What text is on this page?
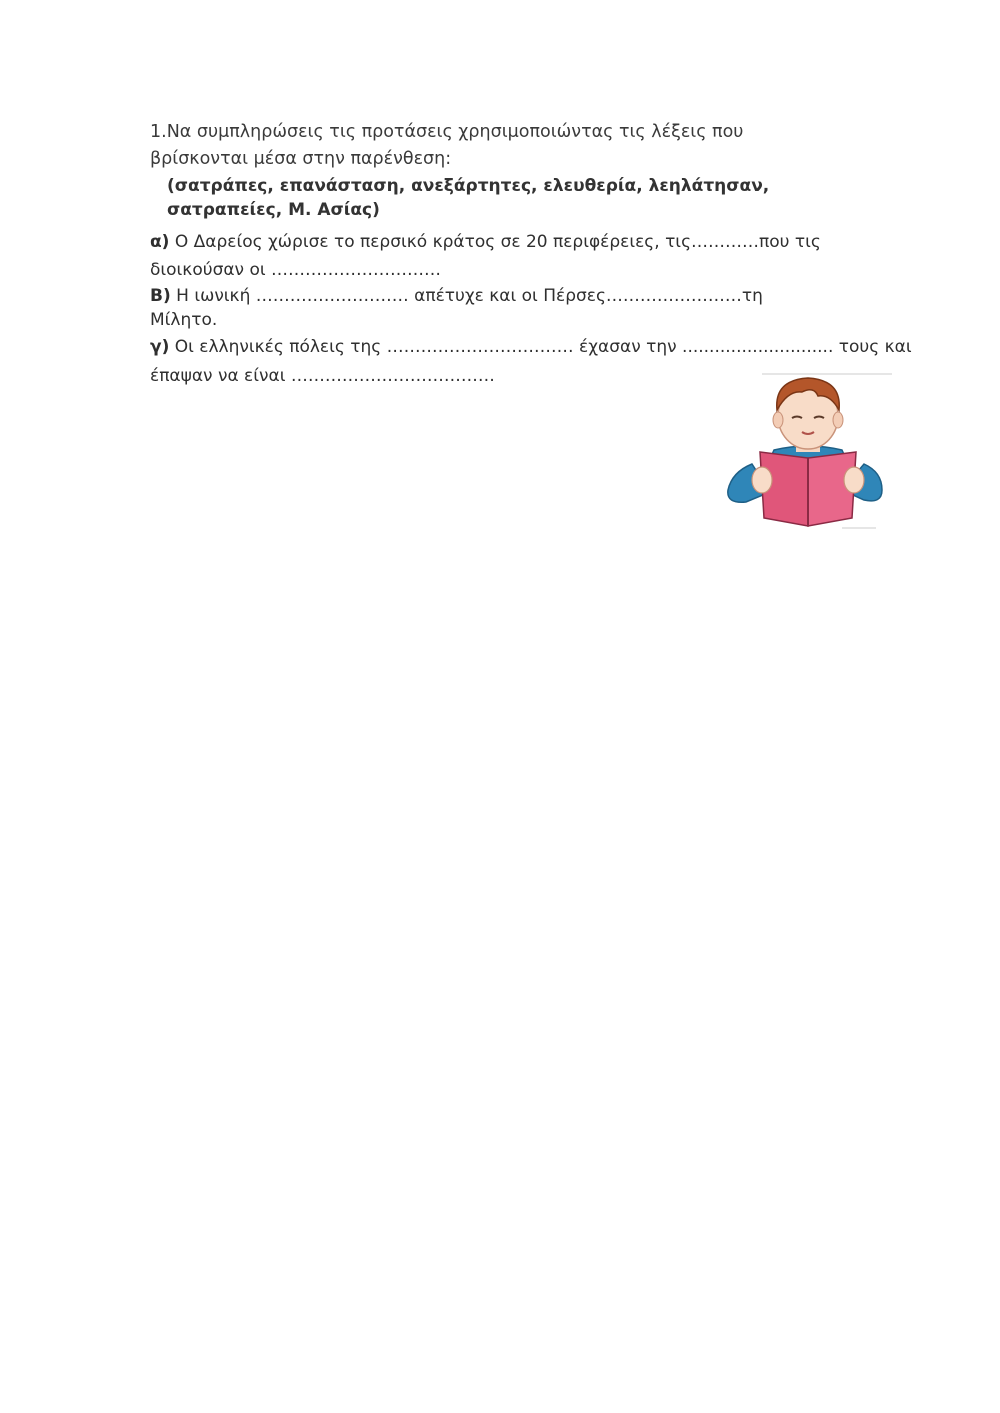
1.Να συμπληρώσεις τις προτάσεις χρησιμοποιώντας τις λέξεις που
βρίσκονται μέσα στην παρένθεση:
(σατράπες, επανάσταση, ανεξάρτητες, ελευθερία, λεηλάτησαν,
σατραπείες, Μ. Ασίας)
α) Ο Δαρείος χώρισε το περσικό κράτος σε 20 περιφέρειες, τις…………που τις
διοικούσαν οι …………………………
Β) Η ιωνική ……………………… απέτυχε και οι Πέρσες……………………τη
Μίλητο.
γ) Οι ελληνικές πόλεις της …………………………… έχασαν την ............................ τους και
έπαψαν να είναι ………………………………
